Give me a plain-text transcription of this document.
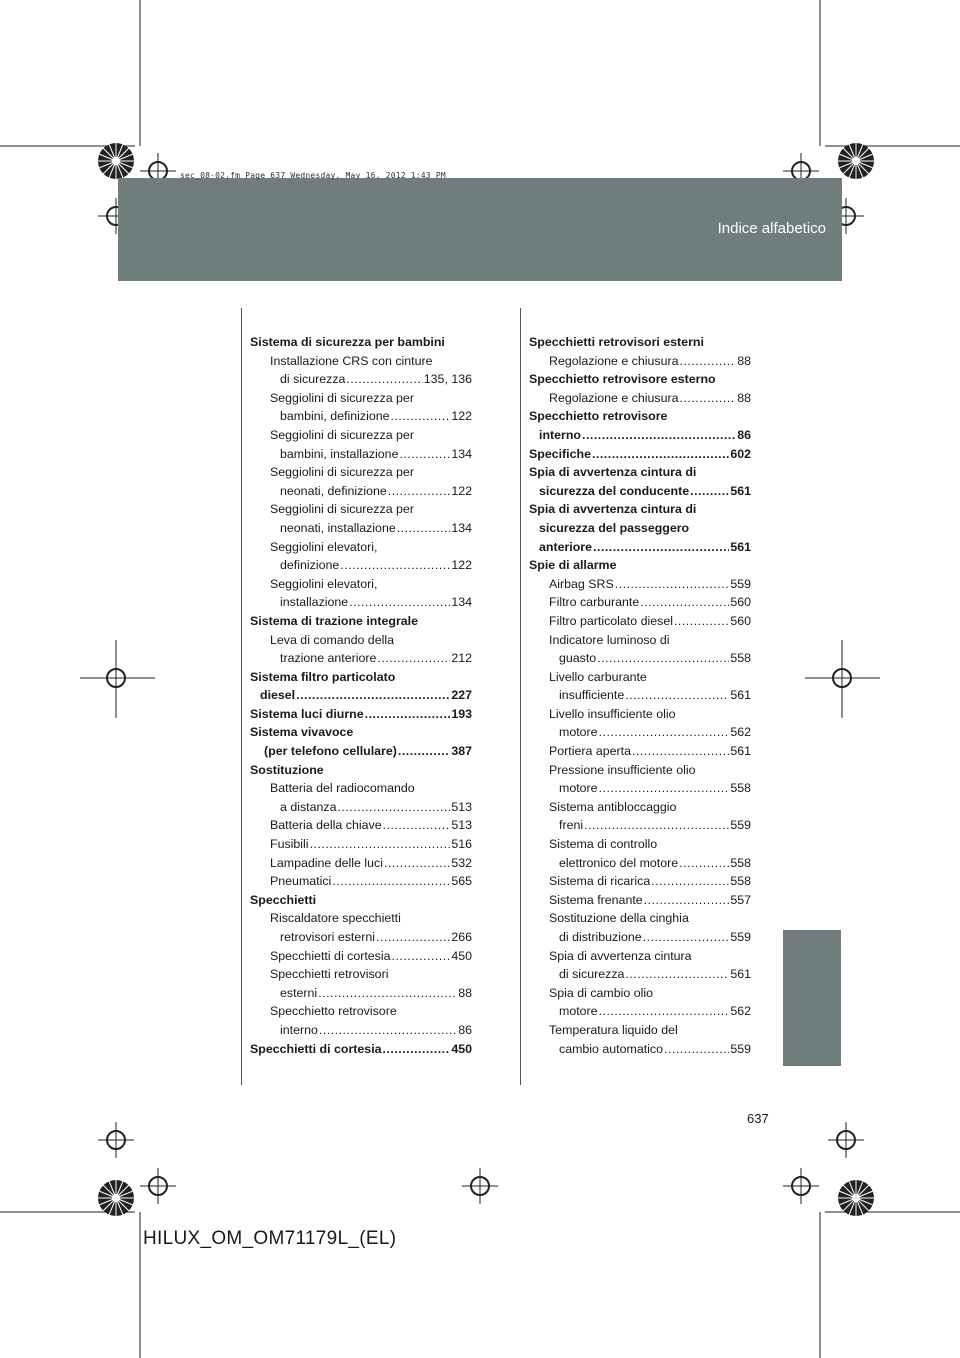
Indice alfabetico
sec_08-02.fm Page 637 Wednesday, May 16, 2012 1:43 PM
Sistema di sicurezza per bambini
Installazione CRS con cinture
di sicurezza .....	135, 136
Seggiolini di sicurezza per
bambini, definizione .....	122
Seggiolini di sicurezza per
bambini, installazione .....	134
Seggiolini di sicurezza per
neonati, definizione .....	122
Seggiolini di sicurezza per
neonati, installazione .....	134
Seggiolini elevatori,
definizione .....	122
Seggiolini elevatori,
installazione .....	134
Sistema di trazione integrale
Leva di comando della
trazione anteriore .....	212
Sistema filtro particolato
diesel .....	227
Sistema luci diurne .....	193
Sistema vivavoce
(per telefono cellulare) .....	387
Sostituzione
Batteria del radiocomando
a distanza .....	513
Batteria della chiave .....	513
Fusibili .....	516
Lampadine delle luci .....	532
Pneumatici .....	565
Specchietti
Riscaldatore specchietti
retrovisori esterni .....	266
Specchietti di cortesia .....	450
Specchietti retrovisori
esterni .....	88
Specchietto retrovisore
interno .....	86
Specchietti di cortesia .....	450
Specchietti retrovisori esterni
Regolazione e chiusura .....	88
Specchietto retrovisore esterno
Regolazione e chiusura .....	88
Specchietto retrovisore
interno .....	86
Specifiche .....	602
Spia di avvertenza cintura di
sicurezza del conducente .....	561
Spia di avvertenza cintura di
sicurezza del passeggero
anteriore .....	561
Spie di allarme
Airbag SRS .....	559
Filtro carburante .....	560
Filtro particolato diesel .....	560
Indicatore luminoso di
guasto .....	558
Livello carburante
insufficiente .....	561
Livello insufficiente olio
motore .....	562
Portiera aperta .....	561
Pressione insufficiente olio
motore .....	558
Sistema antibloccaggio
freni .....	559
Sistema di controllo
elettronico del motore .....	558
Sistema di ricarica .....	558
Sistema frenante .....	557
Sostituzione della cinghia
di distribuzione .....	559
Spia di avvertenza cintura
di sicurezza .....	561
Spia di cambio olio
motore .....	562
Temperatura liquido del
cambio automatico .....	559
637
HILUX_OM_OM71179L_(EL)
